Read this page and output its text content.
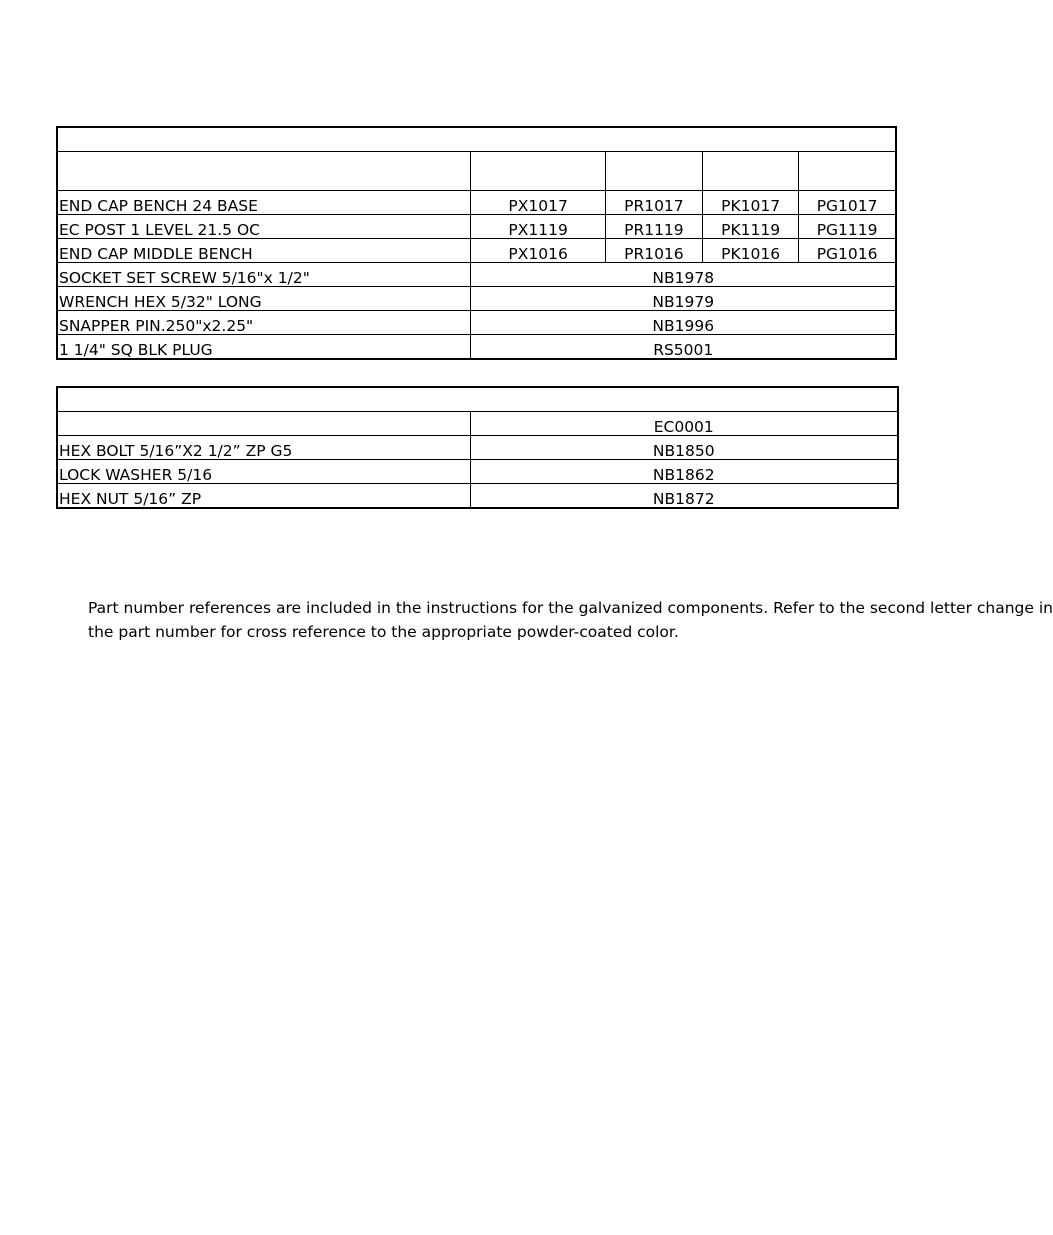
END CAP BENCH 24 BASE	PX1017	PR1017	PK1017	PG1017
EC POST 1 LEVEL 21.5 OC	PX1119	PR1119	PK1119	PG1119
END CAP MIDDLE BENCH	PX1016	PR1016	PK1016	PG1016
SOCKET SET SCREW 5/16"x 1/2"	NB1978			
WRENCH HEX 5/32" LONG	NB1979			
SNAPPER PIN.250"x2.25"	NB1996			
1 1/4" SQ BLK PLUG	RS5001			

	EC0001
HEX BOLT 5/16”X2 1/2” ZP G5	NB1850
LOCK WASHER 5/16	NB1862
HEX NUT 5/16” ZP	NB1872

Part number references are included in the instructions for the galvanized components. Refer to the second letter change in
the part number for cross reference to the appropriate powder-coated color.
